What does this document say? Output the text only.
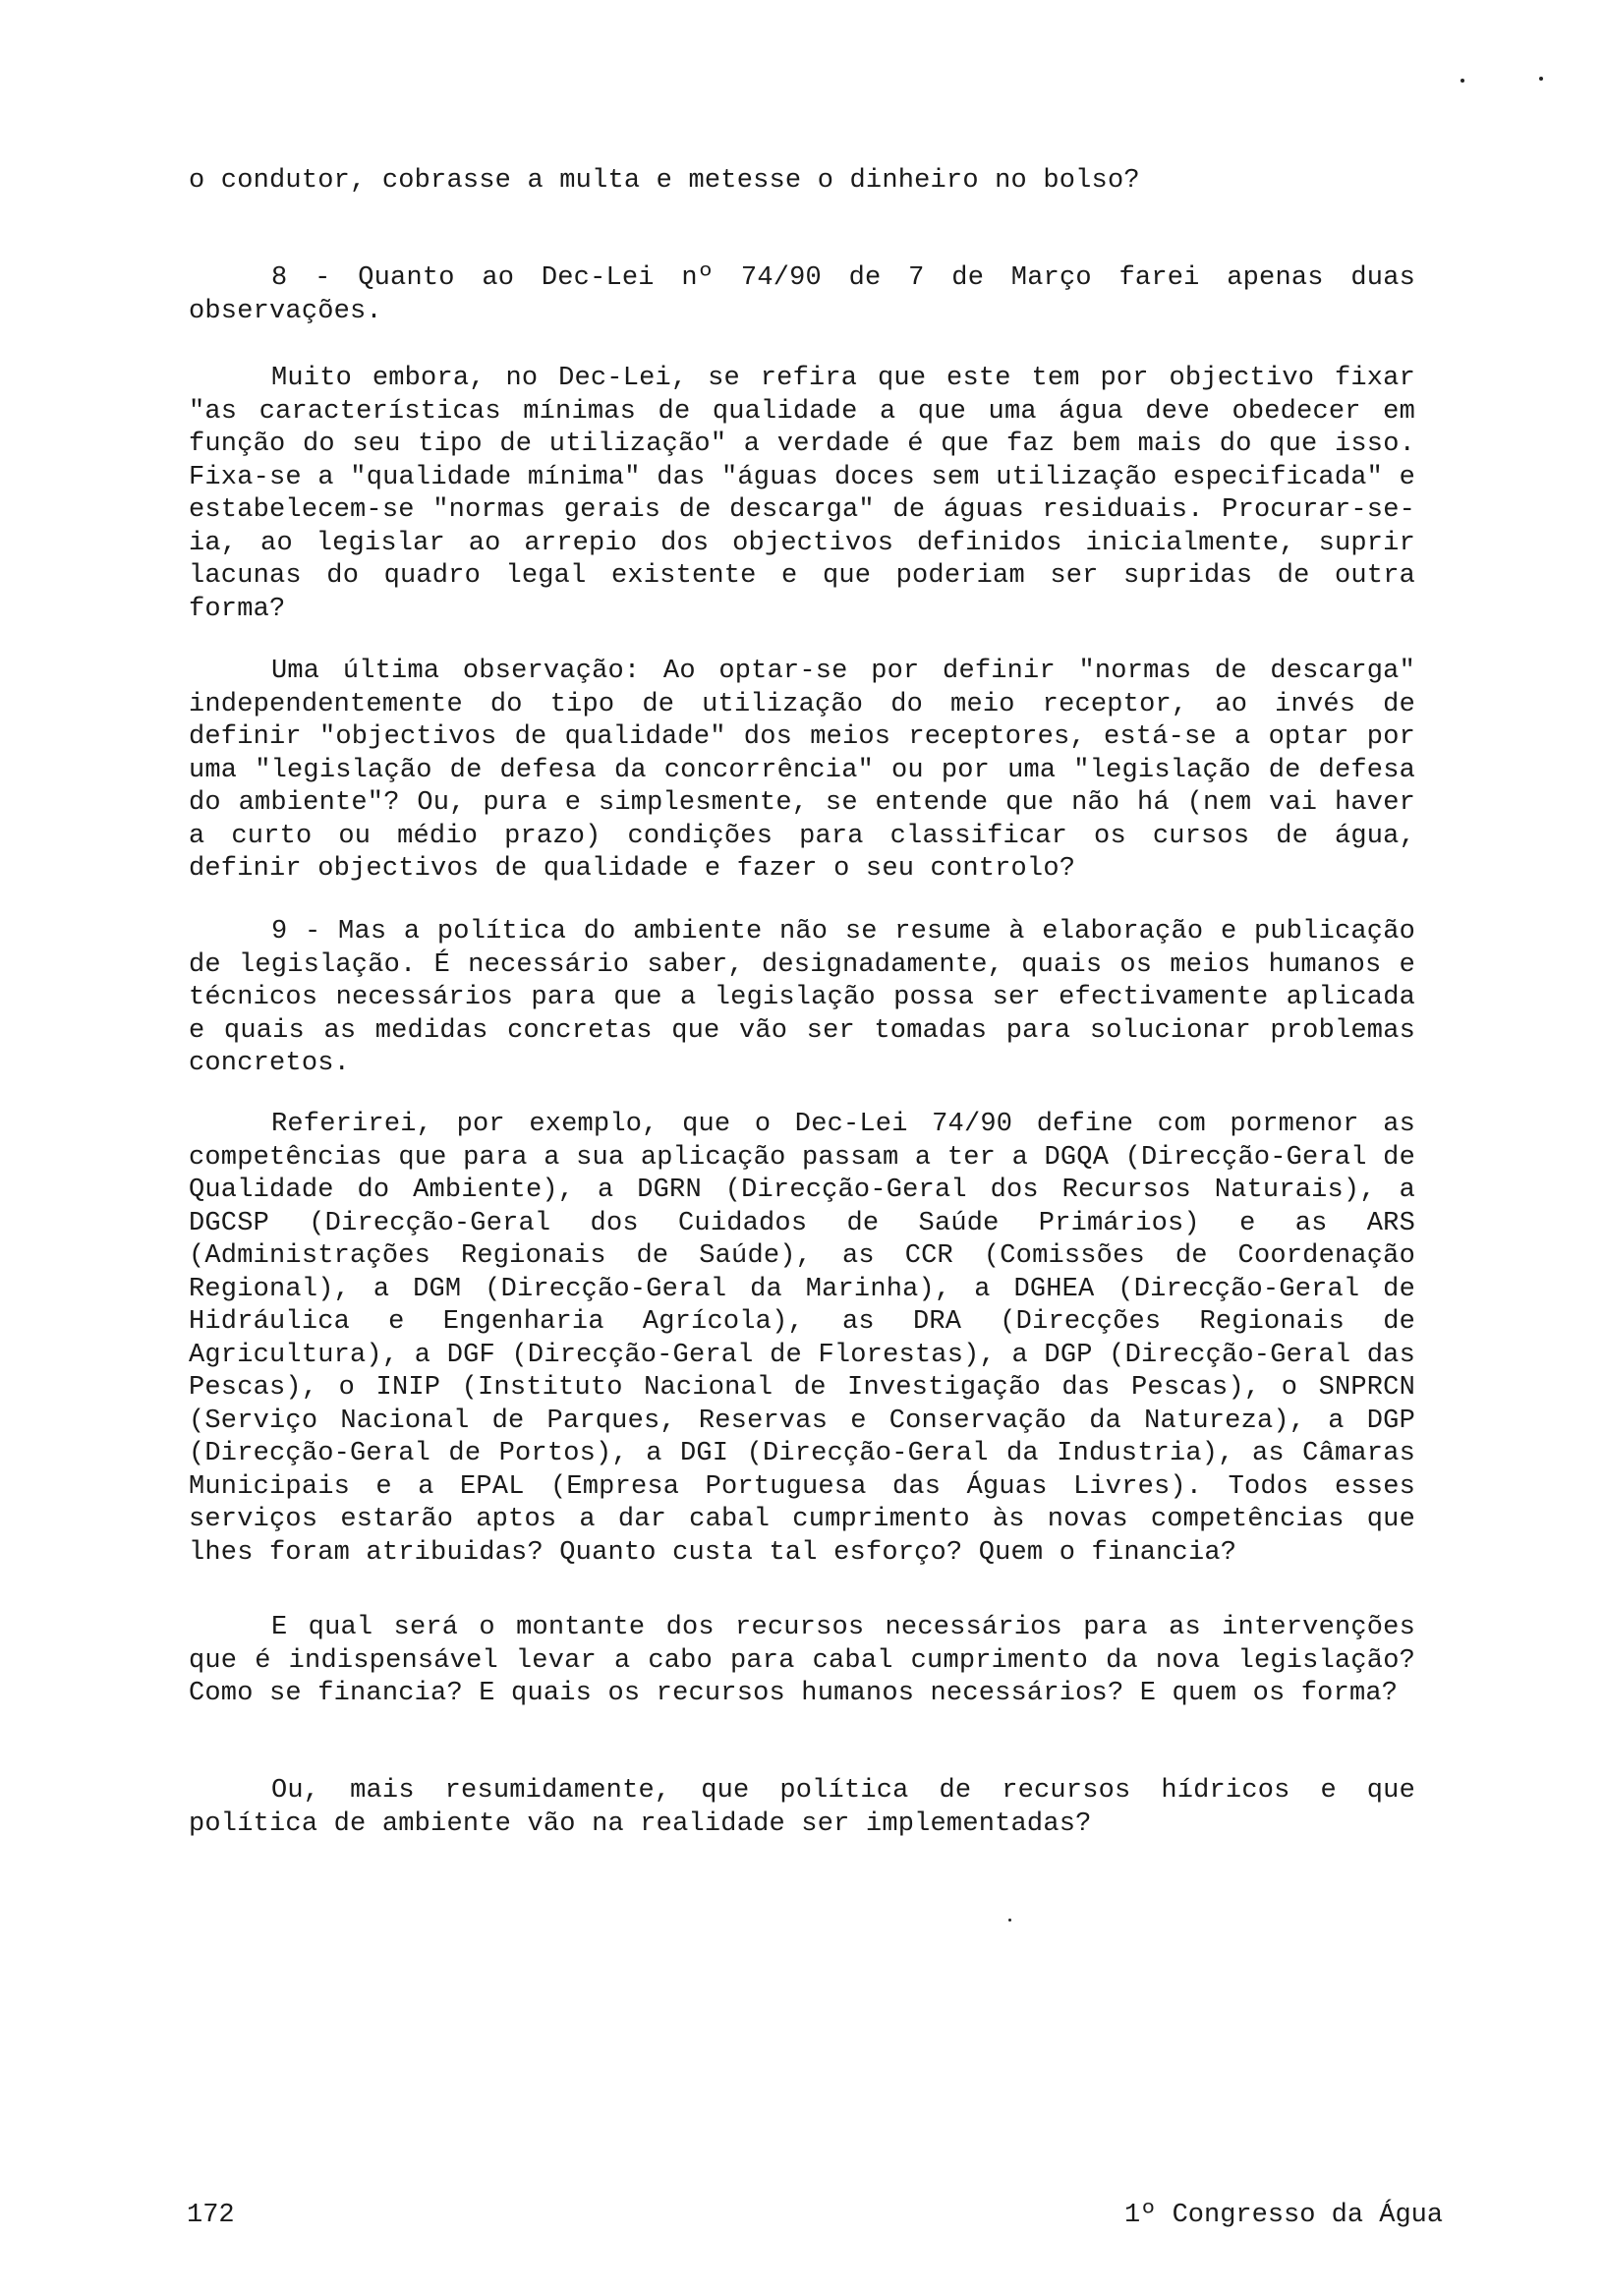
o condutor, cobrasse a multa e metesse o dinheiro no bolso?

8 - Quanto ao Dec-Lei nº 74/90 de 7 de Março farei apenas duas observações.

Muito embora, no Dec-Lei, se refira que este tem por objectivo fixar "as características mínimas de qualidade a que uma água deve obedecer em função do seu tipo de utilização" a verdade é que faz bem mais do que isso. Fixa-se a "qualidade mínima" das "águas doces sem utilização especificada" e estabelecem-se "normas gerais de descarga" de águas residuais. Procurar-se-ia, ao legislar ao arrepio dos objectivos definidos inicialmente, suprir lacunas do quadro legal existente e que poderiam ser supridas de outra forma?

Uma última observação: Ao optar-se por definir "normas de descarga" independentemente do tipo de utilização do meio receptor, ao invés de definir "objectivos de qualidade" dos meios receptores, está-se a optar por uma "legislação de defesa da concorrência" ou por uma "legislação de defesa do ambiente"? Ou, pura e simplesmente, se entende que não há (nem vai haver a curto ou médio prazo) condições para classificar os cursos de água, definir objectivos de qualidade e fazer o seu controlo?

9 - Mas a política do ambiente não se resume à elaboração e publicação de legislação. É necessário saber, designadamente, quais os meios humanos e técnicos necessários para que a legislação possa ser efectivamente aplicada e quais as medidas concretas que vão ser tomadas para solucionar problemas concretos.

Referirei, por exemplo, que o Dec-Lei 74/90 define com pormenor as competências que para a sua aplicação passam a ter a DGQA (Direcção-Geral de Qualidade do Ambiente), a DGRN (Direcção-Geral dos Recursos Naturais), a DGCSP (Direcção-Geral dos Cuidados de Saúde Primários) e as ARS (Administrações Regionais de Saúde), as CCR (Comissões de Coordenação Regional), a DGM (Direcção-Geral da Marinha), a DGHEA (Direcção-Geral de Hidráulica e Engenharia Agrícola), as DRA (Direcções Regionais de Agricultura), a DGF (Direcção-Geral de Florestas), a DGP (Direcção-Geral das Pescas), o INIP (Instituto Nacional de Investigação das Pescas), o SNPRCN (Serviço Nacional de Parques, Reservas e Conservação da Natureza), a DGP (Direcção-Geral de Portos), a DGI (Direcção-Geral da Industria), as Câmaras Municipais e a EPAL (Empresa Portuguesa das Águas Livres). Todos esses serviços estarão aptos a dar cabal cumprimento às novas competências que lhes foram atribuidas? Quanto custa tal esforço? Quem o financia?

E qual será o montante dos recursos necessários para as intervenções que é indispensável levar a cabo para cabal cumprimento da nova legislação? Como se financia? E quais os recursos humanos necessários? E quem os forma?

Ou, mais resumidamente, que política de recursos hídricos e que política de ambiente vão na realidade ser implementadas?

172	1º Congresso da Água
